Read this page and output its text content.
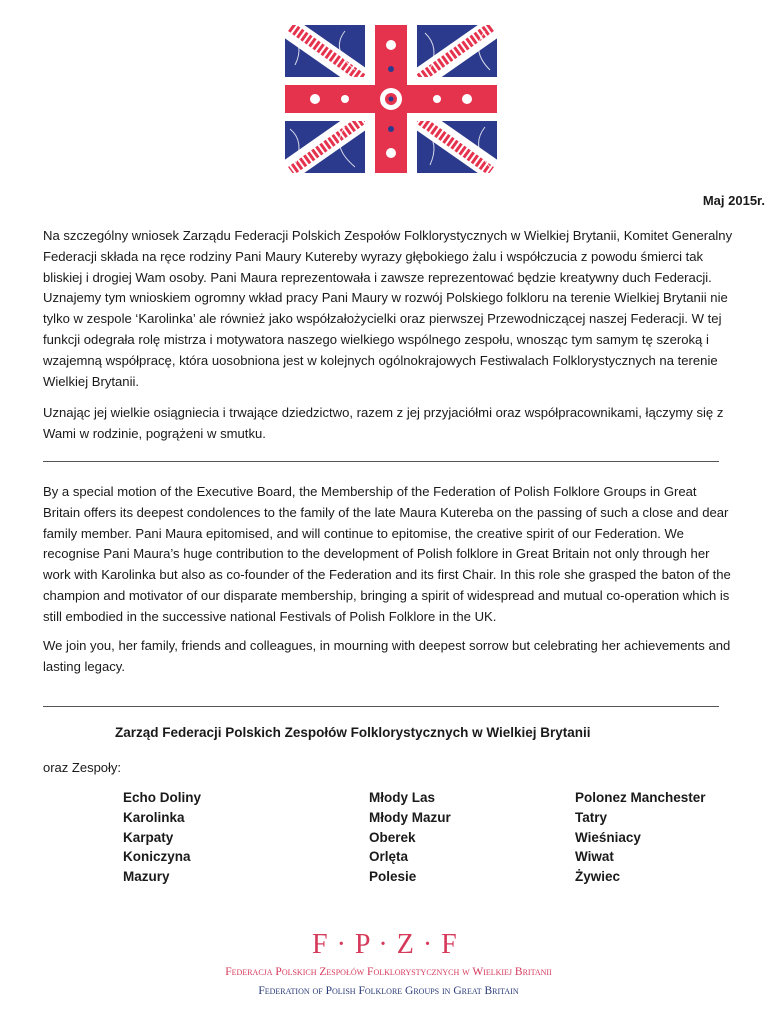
Maj 2015r.

Na szczególny wniosek Zarządu Federacji Polskich Zespołów Folklorystycznych w Wielkiej Brytanii, Komitet Generalny Federacji składa na ręce rodziny Pani Maury Kutereby wyrazy głębokiego żalu i współczucia z powodu śmierci tak bliskiej i drogiej Wam osoby. Pani Maura reprezentowała i zawsze reprezentować będzie kreatywny duch Federacji. Uznajemy tym wnioskiem ogromny wkład pracy Pani Maury w rozwój Polskiego folkloru na terenie Wielkiej Brytanii nie tylko w zespole ‘Karolinka’ ale również jako współzałożycielki oraz pierwszej Przewodniczącej naszej Federacji. W tej funkcji odegrała rolę mistrza i motywatora naszego wielkiego wspólnego zespołu, wnosząc tym samym tę szeroką i wzajemną współpracę, która uosobniona jest w kolejnych ogólnokrajowych Festiwalach Folklorystycznych na terenie Wielkiej Brytanii.

Uznając jej wielkie osiągniecia i trwające dziedzictwo, razem z jej przyjaciółmi oraz współpracownikami, łączymy się z Wami w rodzinie, pogrążeni w smutku.

By a special motion of the Executive Board, the Membership of the Federation of Polish Folklore Groups in Great Britain offers its deepest condolences to the family of the late Maura Kutereba on the passing of such a close and dear family member. Pani Maura epitomised, and will continue to epitomise, the creative spirit of our Federation. We recognise Pani Maura’s huge contribution to the development of Polish folklore in Great Britain not only through her work with Karolinka but also as co-founder of the Federation and its first Chair. In this role she grasped the baton of the champion and motivator of our disparate membership, bringing a spirit of widespread and mutual co-operation which is still embodied in the successive national Festivals of Polish Folklore in the UK.

We join you, her family, friends and colleagues, in mourning with deepest sorrow but celebrating her achievements and lasting legacy.

Zarząd Federacji Polskich Zespołów Folklorystycznych w Wielkiej Brytanii
oraz Zespoły:
Echo Doliny
Karolinka
Karpaty
Koniczyna
Mazury
Młody Las
Młody Mazur
Oberek
Orlęta
Polesie
Polonez Manchester
Tatry
Wieśniacy
Wiwat
Żywiec
F · P · Z · F
Federacja Polskich Zespołów Folklorystycznych w Wielkiej Britanii
Federation of Polish Folklore Groups in Great Britain
